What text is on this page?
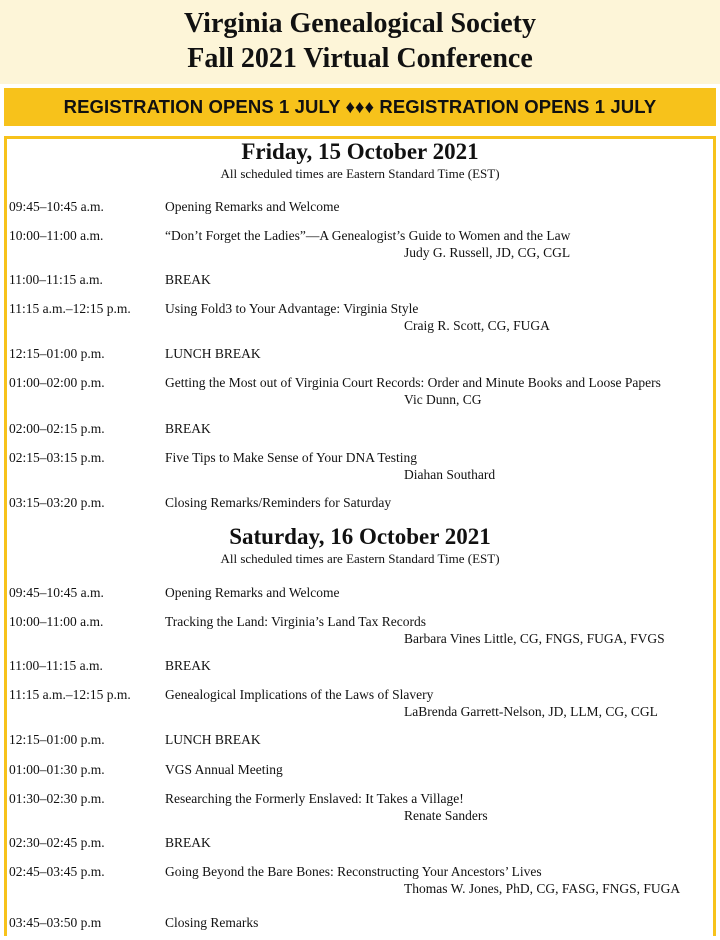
Virginia Genealogical Society
Fall 2021 Virtual Conference
REGISTRATION OPENS 1 JULY ♦♦♦ REGISTRATION OPENS 1 JULY
Friday, 15 October 2021
All scheduled times are Eastern Standard Time (EST)
09:45–10:45 a.m.	Opening Remarks and Welcome
10:00–11:00 a.m.	“Don’t Forget the Ladies”—A Genealogist’s Guide to Women and the Law
Judy G. Russell, JD, CG, CGL
11:00–11:15 a.m.	BREAK
11:15 a.m.–12:15 p.m.	Using Fold3 to Your Advantage: Virginia Style
Craig R. Scott, CG, FUGA
12:15–01:00 p.m.	LUNCH BREAK
01:00–02:00 p.m.	Getting the Most out of Virginia Court Records: Order and Minute Books and Loose Papers
Vic Dunn, CG
02:00–02:15 p.m.	BREAK
02:15–03:15 p.m.	Five Tips to Make Sense of Your DNA Testing
Diahan Southard
03:15–03:20 p.m.	Closing Remarks/Reminders for Saturday
Saturday, 16 October 2021
All scheduled times are Eastern Standard Time (EST)
09:45–10:45 a.m.	Opening Remarks and Welcome
10:00–11:00 a.m.	Tracking the Land: Virginia’s Land Tax Records
Barbara Vines Little, CG, FNGS, FUGA, FVGS
11:00–11:15 a.m.	BREAK
11:15 a.m.–12:15 p.m.	Genealogical Implications of the Laws of Slavery
LaBrenda Garrett-Nelson, JD, LLM, CG, CGL
12:15–01:00 p.m.	LUNCH BREAK
01:00–01:30 p.m.	VGS Annual Meeting
01:30–02:30 p.m.	Researching the Formerly Enslaved: It Takes a Village!
Renate Sanders
02:30–02:45 p.m.	BREAK
02:45–03:45 p.m.	Going Beyond the Bare Bones: Reconstructing Your Ancestors’ Lives
Thomas W. Jones, PhD, CG, FASG, FNGS, FUGA
03:45–03:50 p.m	Closing Remarks
